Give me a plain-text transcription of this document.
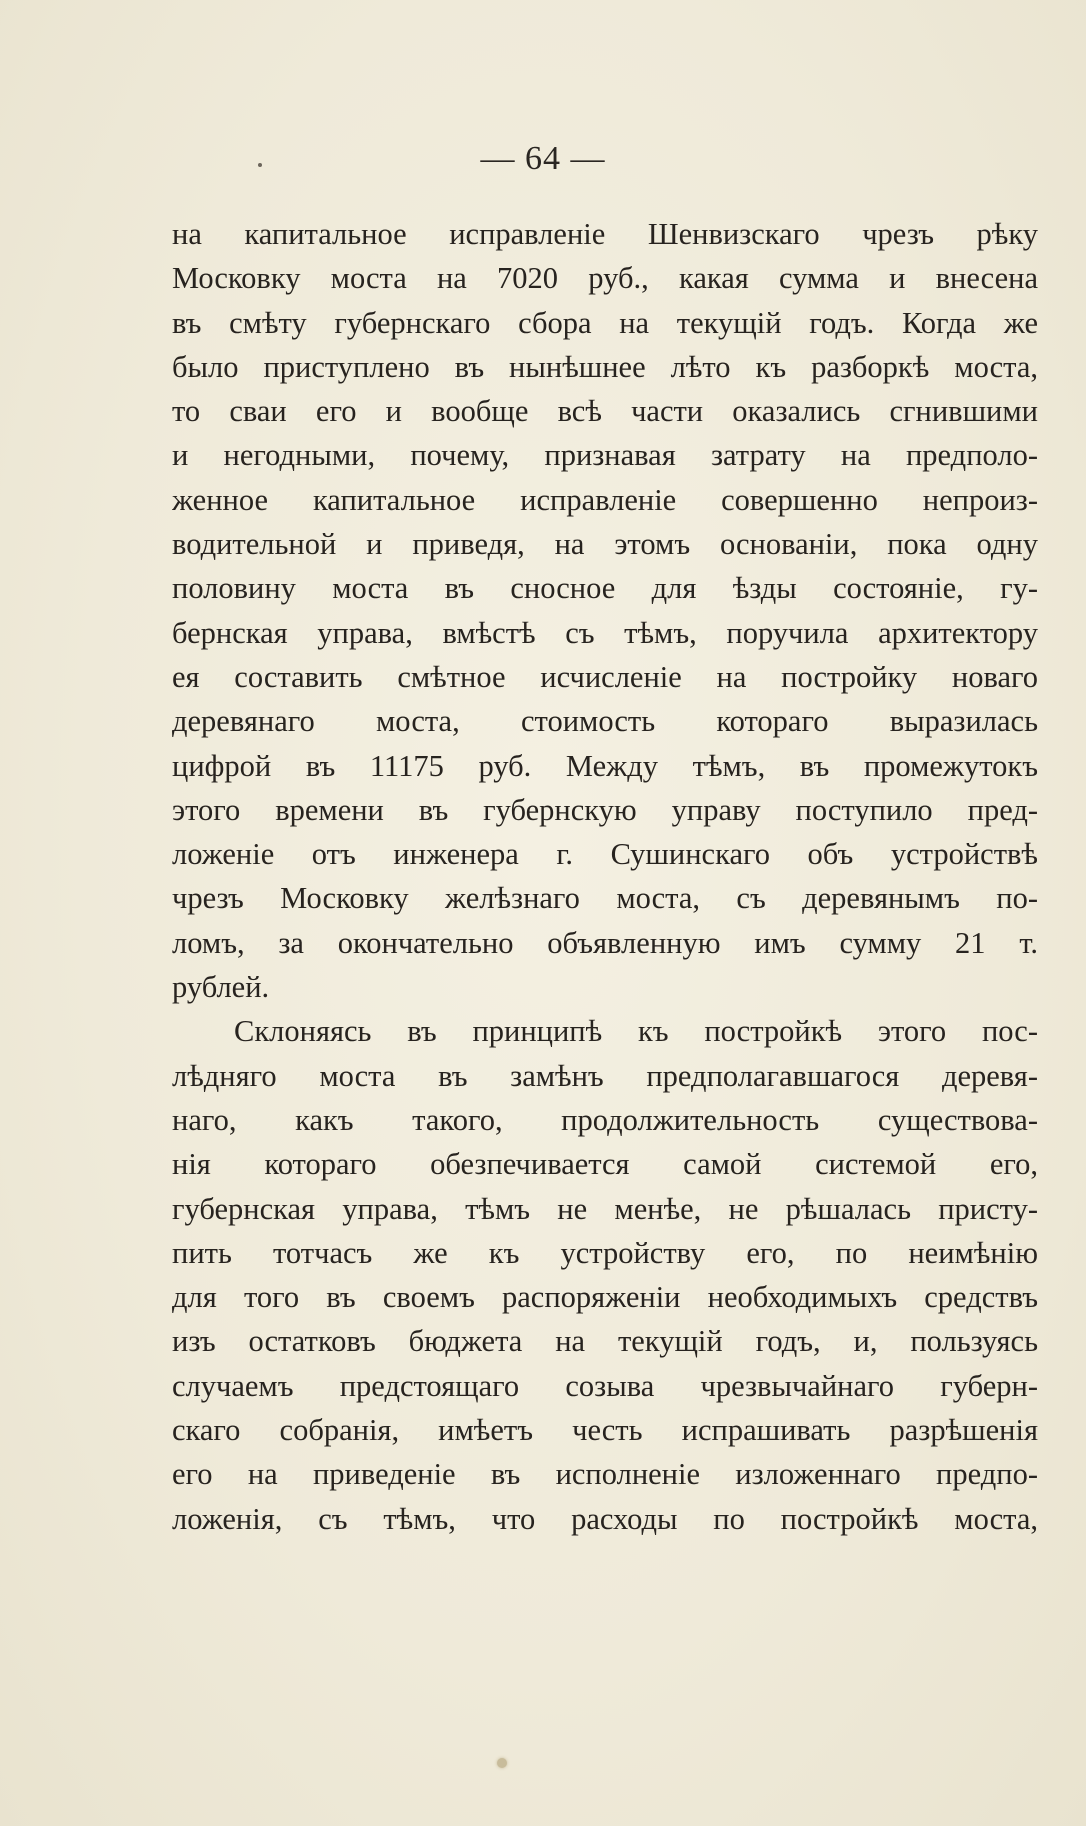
— 64 —
на капитальное исправленіе Шенвизскаго чрезъ рѣку
Московку моста на 7020 руб., какая сумма и внесена
въ смѣту губернскаго сбора на текущій годъ. Когда же
было приступлено въ нынѣшнее лѣто къ разборкѣ моста,
то сваи его и вообще всѣ части оказались сгнившими
и негодными, почему, признавая затрату на предполо-
женное капитальное исправленіе совершенно непроиз-
водительной и приведя, на этомъ основаніи, пока одну
половину моста въ сносное для ѣзды состояніе, гу-
бернская управа, вмѣстѣ съ тѣмъ, поручила архитектору
ея составить смѣтное исчисленіе на постройку новаго
деревянаго моста, стоимость котораго выразилась
цифрой въ 11175 руб. Между тѣмъ, въ промежутокъ
этого времени въ губернскую управу поступило пред-
ложеніе отъ инженера г. Сушинскаго объ устройствѣ
чрезъ Московку желѣзнаго моста, съ деревянымъ по-
ломъ, за окончательно объявленную имъ сумму 21 т.
рублей.
Склоняясь въ принципѣ къ постройкѣ этого пос-
лѣдняго моста въ замѣнъ предполагавшагося деревя-
наго, какъ такого, продолжительность существова-
нія котораго обезпечивается самой системой его,
губернская управа, тѣмъ не менѣе, не рѣшалась присту-
пить тотчасъ же къ устройству его, по неимѣнію
для того въ своемъ распоряженіи необходимыхъ средствъ
изъ остатковъ бюджета на текущій годъ, и, пользуясь
случаемъ предстоящаго созыва чрезвычайнаго губерн-
скаго собранія, имѣетъ честь испрашивать разрѣшенія
его на приведеніе въ исполненіе изложеннаго предпо-
ложенія, съ тѣмъ, что расходы по постройкѣ моста,
